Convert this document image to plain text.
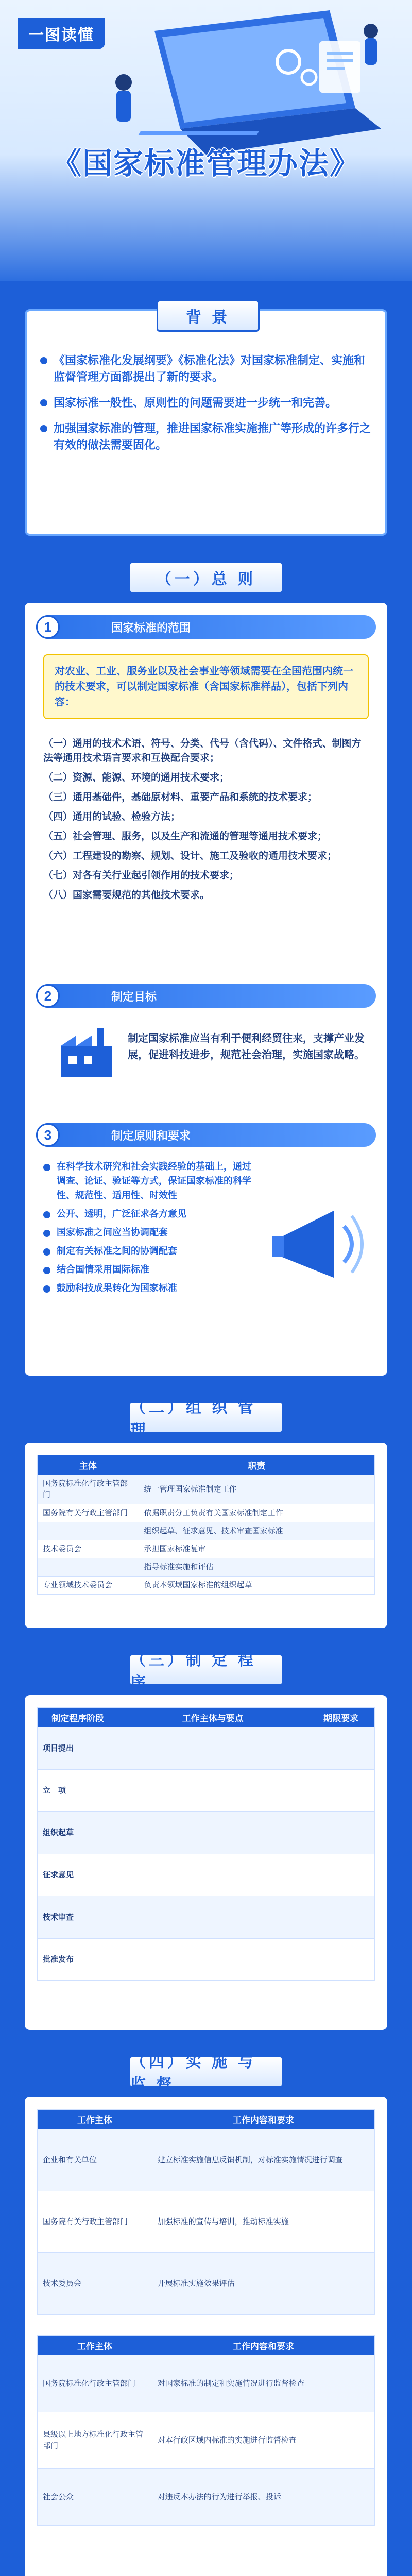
一图读懂
《国家标准管理办法》
背 景
《国家标准化发展纲要》《标准化法》对国家标准制定、实施和监督管理方面都提出了新的要求。
国家标准一般性、原则性的问题需要进一步统一和完善。
加强国家标准的管理，推进国家标准实施推广等形成的许多行之有效的做法需要固化。
（一）总 则
1	国家标准的范围
对农业、工业、服务业以及社会事业等领域需要在全国范围内统一的技术要求，可以制定国家标准（含国家标准样品），包括下列内容：
（一）通用的技术术语、符号、分类、代号（含代码）、文件格式、制图方法等通用技术语言要求和互换配合要求；
（二）资源、能源、环境的通用技术要求；
（三）通用基础件，基础原材料、重要产品和系统的技术要求；
（四）通用的试验、检验方法；
（五）社会管理、服务，以及生产和流通的管理等通用技术要求；
（六）工程建设的勘察、规划、设计、施工及验收的通用技术要求；
（七）对各有关行业起引领作用的技术要求；
（八）国家需要规范的其他技术要求。
2	制定目标
制定国家标准应当有利于便利经贸往来，支撑产业发展，促进科技进步，规范社会治理，实施国家战略。
3	制定原则和要求
在科学技术研究和社会实践经验的基础上，通过调查、论证、验证等方式，保证国家标准的科学性、规范性、适用性、时效性
公开、透明，广泛征求各方意见
国家标准之间应当协调配套
制定有关标准之间的协调配套
结合国情采用国际标准
鼓励科技成果转化为国家标准
（二）组 织 管 理
主体	职责
国务院标准化行政主管部门	统一管理国家标准制定工作
国务院有关行政主管部门	依据职责分工负责有关国家标准制定工作
	组织起草、征求意见、技术审查国家标准
技术委员会	承担国家标准复审
	指导标准实施和评估
专业领域技术委员会	负责本领域国家标准的组织起草
（三）制 定 程 序
制定程序阶段	工作主体与要点	期限要求
项目提出		
立　项		
组织起草		
征求意见		
技术审查		
批准发布		
（四）实 施 与 监 督
工作主体	工作内容和要求
企业和有关单位	建立标准实施信息反馈机制，对标准实施情况进行调查
国务院有关行政主管部门	加强标准的宣传与培训，推动标准实施
技术委员会	开展标准实施效果评估
工作主体	工作内容和要求
国务院标准化行政主管部门	对国家标准的制定和实施情况进行监督检查
县级以上地方标准化行政主管部门	对本行政区域内标准的实施进行监督检查
社会公众	对违反本办法的行为进行举报、投诉
